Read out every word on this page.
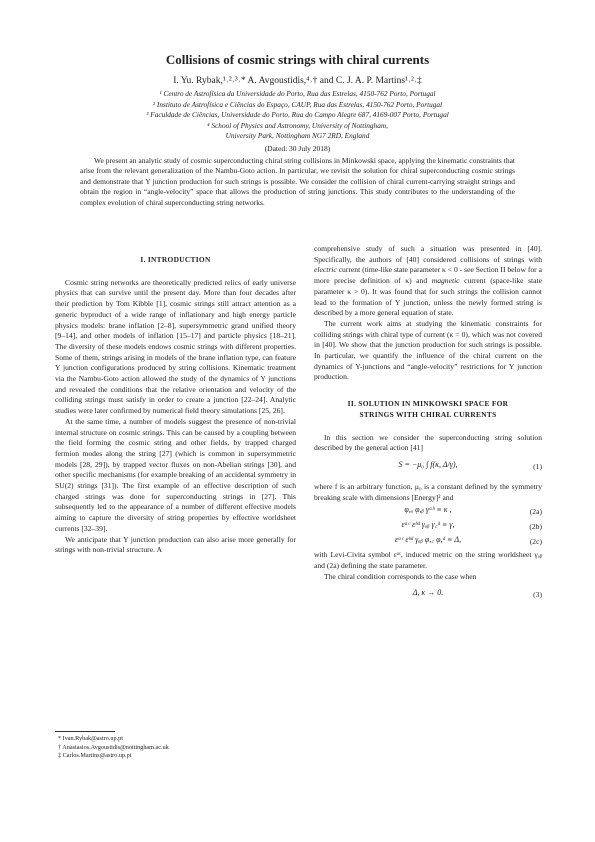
Collisions of cosmic strings with chiral currents
I. Yu. Rybak,¹˒²˒³˒* A. Avgoustidis,⁴˒† and C. J. A. P. Martins¹˒²˒‡
¹ Centro de Astrofísica da Universidade do Porto, Rua das Estrelas, 4150-762 Porto, Portugal
² Instituto de Astrofísica e Ciências do Espaço, CAUP, Rua das Estrelas, 4150-762 Porto, Portugal
³ Faculdade de Ciências, Universidade do Porto, Rua do Campo Alegre 687, 4169-007 Porto, Portugal
⁴ School of Physics and Astronomy, University of Nottingham,
University Park, Nottingham NG7 2RD, England
(Dated: 30 July 2018)
We present an analytic study of cosmic superconducting chiral string collisions in Minkowski space, applying the kinematic constraints that arise from the relevant generalization of the Nambu-Goto action. In particular, we revisit the solution for chiral superconducting cosmic strings and demonstrate that Y junction production for such strings is possible. We consider the collision of chiral current-carrying straight strings and obtain the region in “angle-velocity” space that allows the production of string junctions. This study contributes to the understanding of the complex evolution of chiral superconducting string networks.

I. INTRODUCTION

Cosmic string networks are theoretically predicted relics of early universe physics that can survive until the present day. More than four decades after their prediction by Tom Kibble [1], cosmic strings still attract attention as a generic byproduct of a wide range of inflationary and high energy particle physics models: brane inflation [2–8], supersymmetric grand unified theory [9–14], and other models of inflation [15–17] and particle physics [18–21]. The diversity of these models endows cosmic strings with different properties. Some of them, strings arising in models of the brane inflation type, can feature Y junction configurations produced by string collisions. Kinematic treatment via the Nambu-Goto action allowed the study of the dynamics of Y junctions and revealed the conditions that the relative orientation and velocity of the colliding strings must satisfy in order to create a junction [22–24]. Analytic studies were later confirmed by numerical field theory simulations [25, 26].

At the same time, a number of models suggest the presence of non-trivial internal structure on cosmic strings. This can be caused by a coupling between the field forming the cosmic string and other fields, by trapped charged fermion modes along the string [27] (which is common in supersymmetric models [28, 29]), by trapped vector fluxes on non-Abelian strings [30], and other specific mechanisms (for example breaking of an accidental symmetry in SU(2) strings [31]). The first example of an effective description of such charged strings was done for superconducting strings in [27]. This subsequently led to the appearance of a number of different effective models aiming to capture the diversity of string properties by effective worldsheet currents [32–39].

We anticipate that Y junction production can also arise more generally for strings with non-trivial structure. A

* Ivan.Rybak@astro.up.pt
† Anastasios.Avgoustidis@nottingham.ac.uk
‡ Carlos.Martins@astro.up.pt

comprehensive study of such a situation was presented in [40]. Specifically, the authors of [40] considered collisions of strings with electric current (time-like state parameter κ < 0 - see Section II below for a more precise definition of κ) and magnetic current (space-like state parameter κ > 0). It was found that for such strings the collision cannot lead to the formation of Y junction, unless the newly formed string is described by a more general equation of state.

The current work aims at studying the kinematic constraints for colliding strings with chiral type of current (κ = 0), which was not covered in [40]. We show that the junction production for such strings is possible. In particular, we quantify the influence of the chiral current on the dynamics of Y-junctions and “angle-velocity” restrictions for Y junction production.

II. SOLUTION IN MINKOWSKI SPACE FOR
STRINGS WITH CHIRAL CURRENTS

In this section we consider the superconducting string solution described by the general action [41]

S = −μ₀ ∫ f(κ, Δ/γ),	(1)

where f is an arbitrary function, μ₀ is a constant defined by the symmetry breaking scale with dimensions [Energy]² and

φ,ₐ φ,ᵦ γᵃᵇ ≡ κ ,	(2a)
εᵃᶜ εᵇᵈ γₐᵦ γ꜀ᵈ ≡ γ,	(2b)
εᵃᶜ εᵇᵈ γₐᵦ φ,꜀ φ,ᵈ ≡ Δ,	(2c)

with Levi-Civita symbol εᵃᶜ, induced metric on the string worldsheet γₐᵦ and (2a) defining the state parameter.

The chiral condition corresponds to the case when

Δ, κ → 0.	(3)
